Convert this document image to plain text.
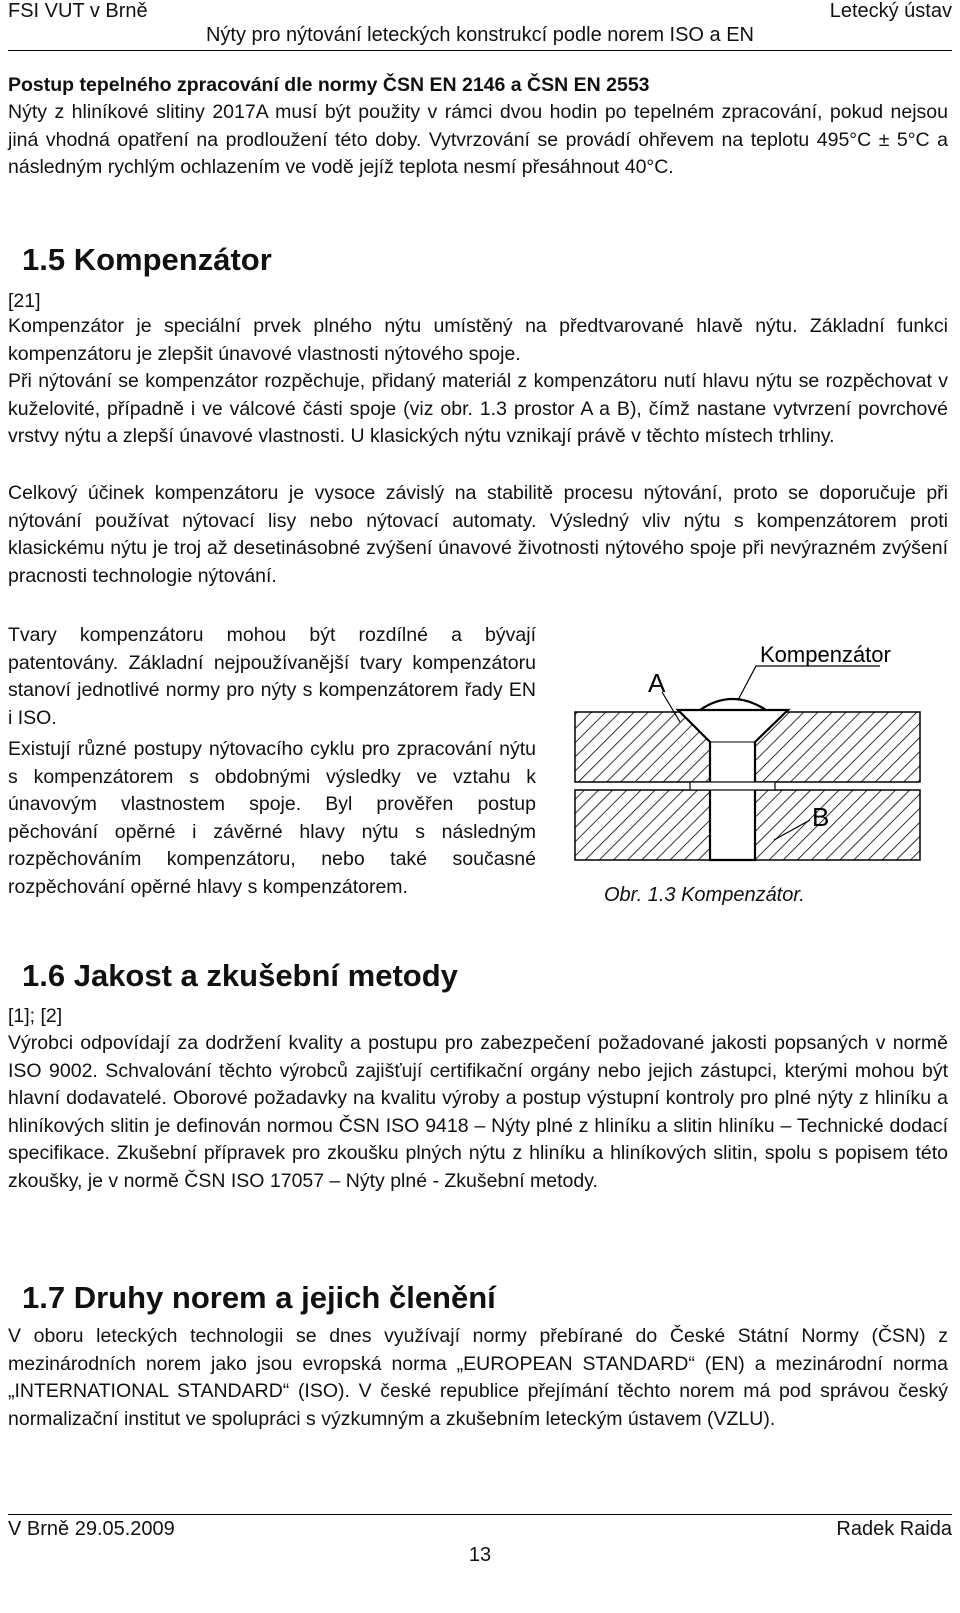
FSI VUT v Brně	Letecký ústav
Nýty pro nýtování leteckých konstrukcí podle norem ISO a EN
Postup tepelného zpracování dle normy ČSN EN 2146 a ČSN EN 2553

Nýty z hliníkové slitiny 2017A musí být použity v rámci dvou hodin po tepelném zpracování, pokud nejsou jiná vhodná opatření na prodloužení této doby. Vytvrzování se provádí ohřevem na teplotu 495°C ± 5°C a následným rychlým ochlazením ve vodě jejíž teplota nesmí přesáhnout 40°C.

1.5 Kompenzátor
[21]

Kompenzátor je speciální prvek plného nýtu umístěný na předtvarované hlavě nýtu. Základní funkci kompenzátoru je zlepšit únavové vlastnosti nýtového spoje.

Při nýtování se kompenzátor rozpěchuje, přidaný materiál z kompenzátoru nutí hlavu nýtu se rozpěchovat v kuželovité, případně i ve válcové části spoje (viz obr. 1.3 prostor A a B), čímž nastane vytvrzení povrchové vrstvy nýtu a zlepší únavové vlastnosti. U klasických nýtu vznikají právě v těchto místech trhliny.

Celkový účinek kompenzátoru je vysoce závislý na stabilitě procesu nýtování, proto se doporučuje při nýtování používat nýtovací lisy nebo nýtovací automaty. Výsledný vliv nýtu s kompenzátorem proti klasickému nýtu je troj až desetinásobné zvýšení únavové životnosti nýtového spoje při nevýrazném zvýšení pracnosti technologie nýtování.

Tvary kompenzátoru mohou být rozdílné a bývají patentovány. Základní nejpoužívanější tvary kompenzátoru stanoví jednotlivé normy pro nýty s kompenzátorem řady EN i ISO.

Existují různé postupy nýtovacího cyklu pro zpracování nýtu s kompenzátorem s obdobnými výsledky ve vztahu k únavovým vlastnostem spoje. Byl prověřen postup pěchování opěrné i závěrné hlavy nýtu s následným rozpěchováním kompenzátoru, nebo také současné rozpěchování opěrné hlavy s kompenzátorem.

Kompenzátor
A
B
Obr. 1.3 Kompenzátor.
1.6 Jakost a zkušební metody
[1]; [2]

Výrobci odpovídají za dodržení kvality a postupu pro zabezpečení požadované jakosti popsaných v normě ISO 9002. Schvalování těchto výrobců zajišťují certifikační orgány nebo jejich zástupci, kterými mohou být hlavní dodavatelé. Oborové požadavky na kvalitu výroby a postup výstupní kontroly pro plné nýty z hliníku a hliníkových slitin je definován normou ČSN ISO 9418 – Nýty plné z hliníku a slitin hliníku – Technické dodací specifikace. Zkušební přípravek pro zkoušku plných nýtu z hliníku a hliníkových slitin, spolu s popisem této zkoušky, je v normě ČSN ISO 17057 – Nýty plné - Zkušební metody.

1.7 Druhy norem a jejich členění

V oboru leteckých technologii se dnes využívají normy přebírané do České Státní Normy (ČSN) z mezinárodních norem jako jsou evropská norma „EUROPEAN STANDARD“ (EN) a mezinárodní norma „INTERNATIONAL STANDARD“ (ISO). V české republice přejímání těchto norem má pod správou český normalizační institut ve spolupráci s výzkumným a zkušebním leteckým ústavem (VZLU).

V Brně 29.05.2009	Radek Raida
13
